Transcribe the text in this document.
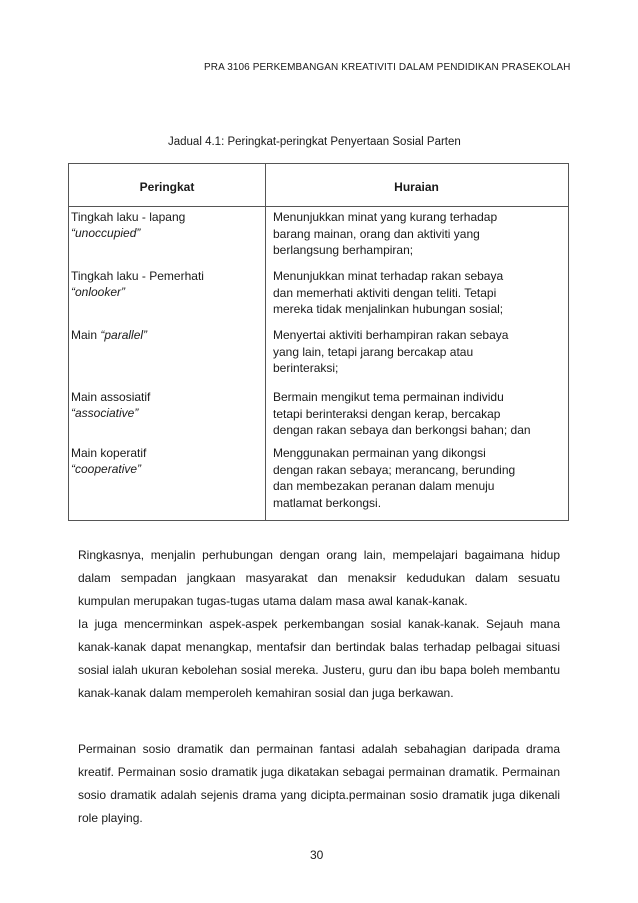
PRA 3106 PERKEMBANGAN KREATIVITI DALAM PENDIDIKAN PRASEKOLAH
Jadual 4.1: Peringkat-peringkat Penyertaan Sosial Parten
Peringkat	Huraian
Tingkah laku - lapang
“unoccupied”
Menunjukkan minat yang kurang terhadap
barang mainan, orang dan aktiviti yang
berlangsung berhampiran;
Tingkah laku - Pemerhati
“onlooker”
Menunjukkan minat terhadap rakan sebaya
dan memerhati aktiviti dengan teliti. Tetapi
mereka tidak menjalinkan hubungan sosial;
Main “parallel”	Menyertai aktiviti berhampiran rakan sebaya
yang lain, tetapi jarang bercakap atau
berinteraksi;
Main assosiatif
“associative”
Bermain mengikut tema permainan individu
tetapi berinteraksi dengan kerap, bercakap
dengan rakan sebaya dan berkongsi bahan; dan
Main koperatif
“cooperative”
Menggunakan permainan yang dikongsi
dengan rakan sebaya; merancang, berunding
dan membezakan peranan dalam menuju
matlamat berkongsi.

Ringkasnya, menjalin perhubungan dengan orang lain, mempelajari bagaimana hidup dalam sempadan jangkaan masyarakat dan menaksir kedudukan dalam sesuatu kumpulan merupakan tugas-tugas utama dalam masa awal kanak-kanak.

Ia juga mencerminkan aspek-aspek perkembangan sosial kanak-kanak. Sejauh mana kanak-kanak dapat menangkap, mentafsir dan bertindak balas terhadap pelbagai situasi sosial ialah ukuran kebolehan sosial mereka. Justeru, guru dan ibu bapa boleh membantu kanak-kanak dalam memperoleh kemahiran sosial dan juga berkawan.

Permainan sosio dramatik dan permainan fantasi adalah sebahagian daripada drama kreatif. Permainan sosio dramatik juga dikatakan sebagai permainan dramatik. Permainan sosio dramatik adalah sejenis drama yang dicipta.permainan sosio dramatik juga dikenali role playing.

30
